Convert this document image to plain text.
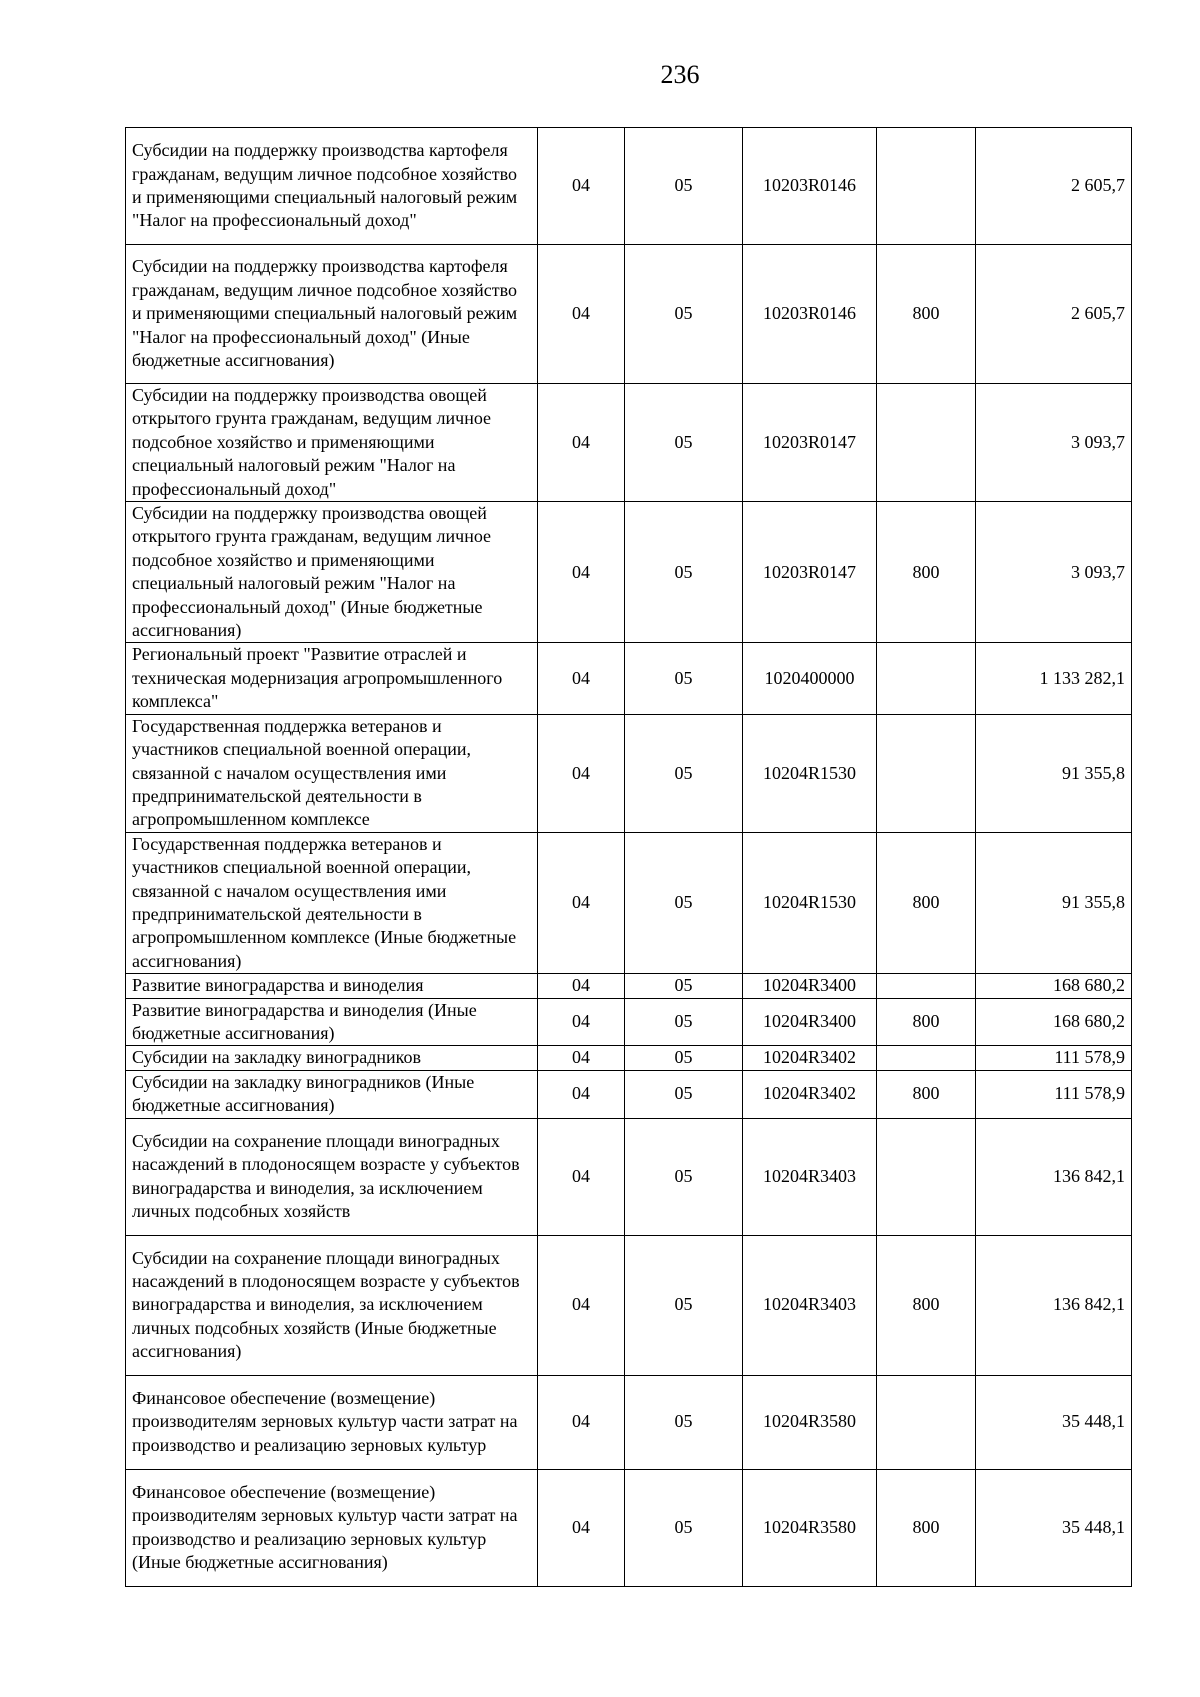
236
Субсидии на поддержку производства картофеля гражданам, ведущим личное подсобное хозяйство и применяющими специальный налоговый режим "Налог на профессиональный доход"	04	05	10203R0146		2 605,7
Субсидии на поддержку производства картофеля гражданам, ведущим личное подсобное хозяйство и применяющими специальный налоговый режим "Налог на профессиональный доход" (Иные бюджетные ассигнования)	04	05	10203R0146	800	2 605,7
Субсидии на поддержку производства овощей открытого грунта гражданам, ведущим личное подсобное хозяйство и применяющими специальный налоговый режим "Налог на профессиональный доход"	04	05	10203R0147		3 093,7
Субсидии на поддержку производства овощей открытого грунта гражданам, ведущим личное подсобное хозяйство и применяющими специальный налоговый режим "Налог на профессиональный доход" (Иные бюджетные ассигнования)	04	05	10203R0147	800	3 093,7
Региональный проект "Развитие отраслей и техническая модернизация агропромышленного комплекса"	04	05	1020400000		1 133 282,1
Государственная поддержка ветеранов и участников специальной военной операции, связанной с началом осуществления ими предпринимательской деятельности в агропромышленном комплексе	04	05	10204R1530		91 355,8
Государственная поддержка ветеранов и участников специальной военной операции, связанной с началом осуществления ими предпринимательской деятельности в агропромышленном комплексе (Иные бюджетные ассигнования)	04	05	10204R1530	800	91 355,8
Развитие виноградарства и виноделия	04	05	10204R3400		168 680,2
Развитие виноградарства и виноделия (Иные бюджетные ассигнования)	04	05	10204R3400	800	168 680,2
Субсидии на закладку виноградников	04	05	10204R3402		111 578,9
Субсидии на закладку виноградников (Иные бюджетные ассигнования)	04	05	10204R3402	800	111 578,9
Субсидии на сохранение площади виноградных насаждений в плодоносящем возрасте у субъектов виноградарства и виноделия, за исключением личных подсобных хозяйств	04	05	10204R3403		136 842,1
Субсидии на сохранение площади виноградных насаждений в плодоносящем возрасте у субъектов виноградарства и виноделия, за исключением личных подсобных хозяйств (Иные бюджетные ассигнования)	04	05	10204R3403	800	136 842,1
Финансовое обеспечение (возмещение) производителям зерновых культур части затрат на производство и реализацию зерновых культур	04	05	10204R3580		35 448,1
Финансовое обеспечение (возмещение) производителям зерновых культур части затрат на производство и реализацию зерновых культур (Иные бюджетные ассигнования)	04	05	10204R3580	800	35 448,1
